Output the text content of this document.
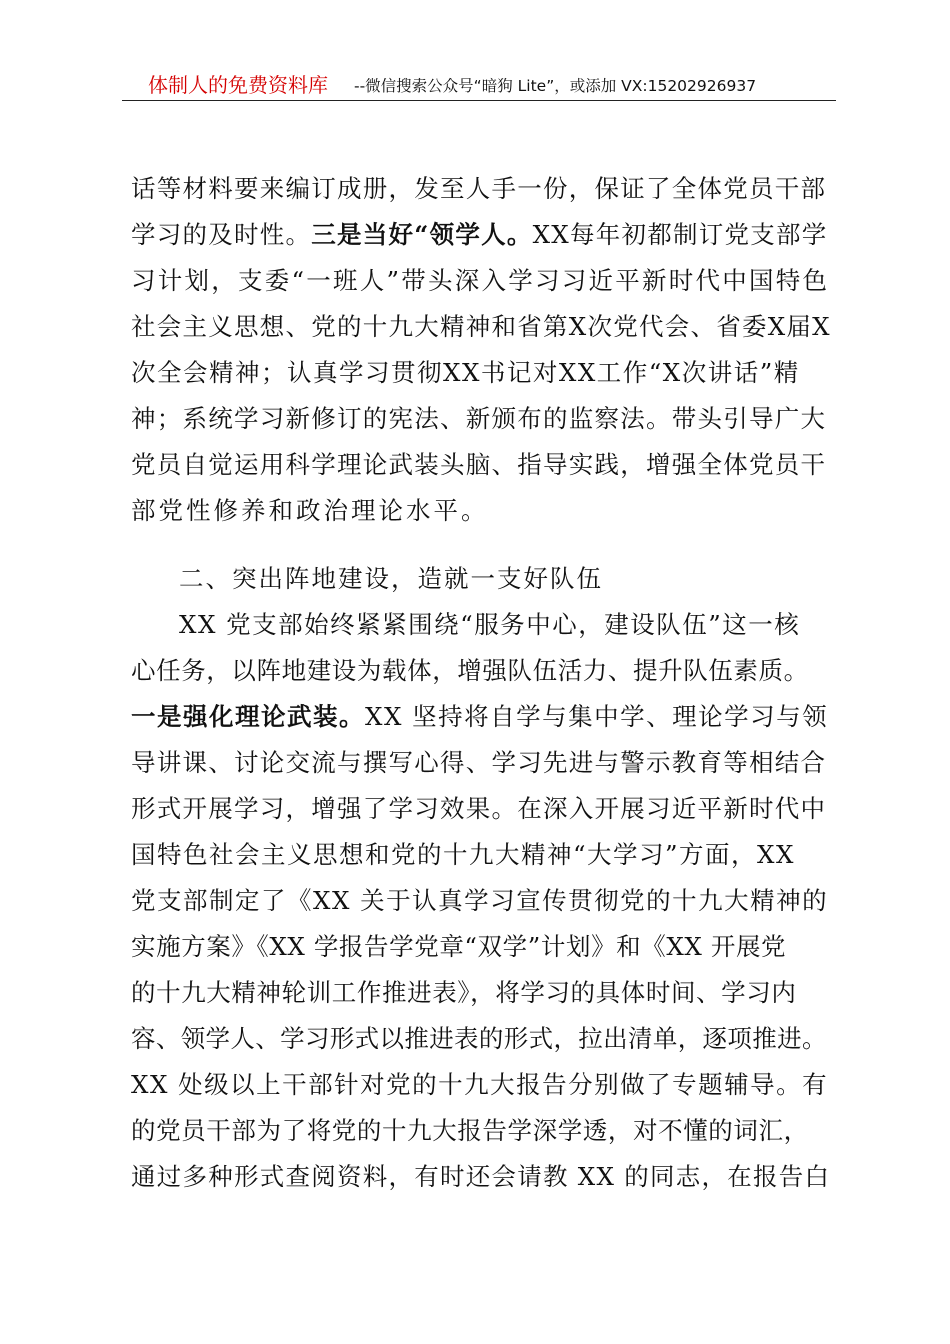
体制人的免费资料库 --微信搜索公众号“暗狗 Lite”，或添加 VX:15202926937
话等材料要来编订成册，发至人手一份，保证了全体党员干部
学习的及时性。三是当好“领学人。XX每年初都制订党支部学
习计划，支委“一班人”带头深入学习习近平新时代中国特色
社会主义思想、党的十九大精神和省第X次党代会、省委X届X
次全会精神；认真学习贯彻XX书记对XX工作“X次讲话”精
神；系统学习新修订的宪法、新颁布的监察法。带头引导广大
党员自觉运用科学理论武装头脑、指导实践，增强全体党员干
部党性修养和政治理论水平。
二、突出阵地建设，造就一支好队伍
XX 党支部始终紧紧围绕“服务中心，建设队伍”这一核
心任务，以阵地建设为载体，增强队伍活力、提升队伍素质。
一是强化理论武装。XX 坚持将自学与集中学、理论学习与领
导讲课、讨论交流与撰写心得、学习先进与警示教育等相结合
形式开展学习，增强了学习效果。在深入开展习近平新时代中
国特色社会主义思想和党的十九大精神“大学习”方面，XX
党支部制定了《XX 关于认真学习宣传贯彻党的十九大精神的
实施方案》《XX 学报告学党章“双学”计划》和《XX 开展党
的十九大精神轮训工作推进表》，将学习的具体时间、学习内
容、领学人、学习形式以推进表的形式，拉出清单，逐项推进。
XX 处级以上干部针对党的十九大报告分别做了专题辅导。有
的党员干部为了将党的十九大报告学深学透，对不懂的词汇，
通过多种形式查阅资料，有时还会请教 XX 的同志，在报告白
